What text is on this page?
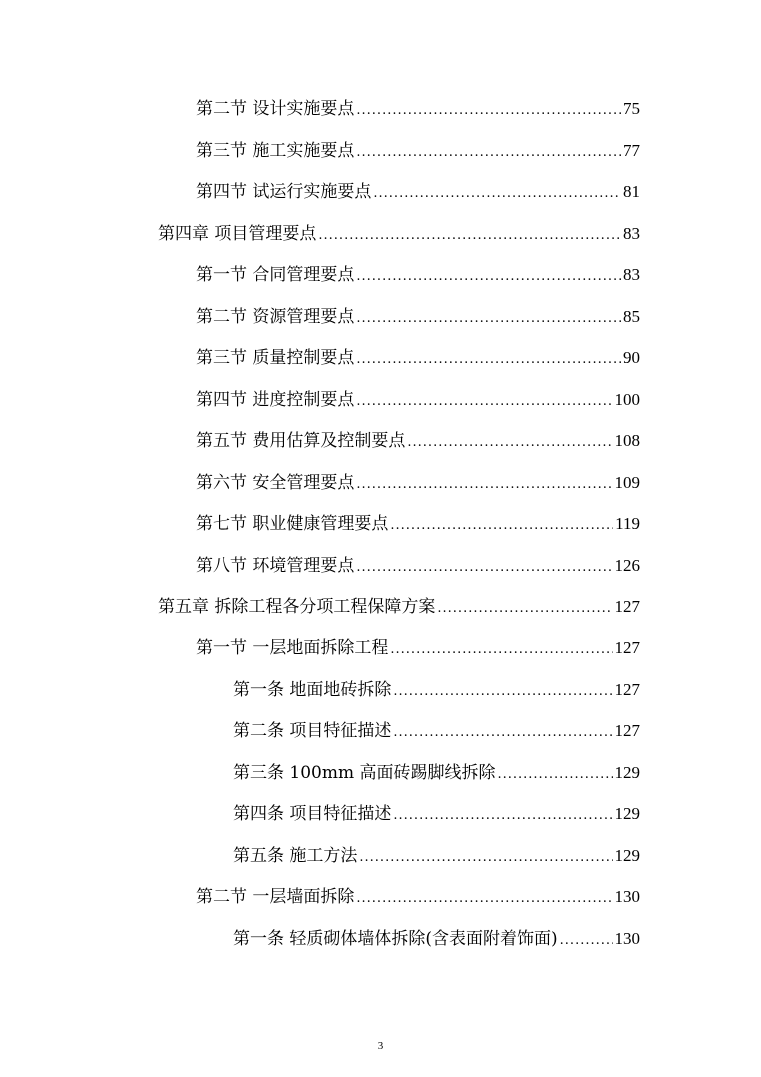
第二节 设计实施要点 .....	75
第三节 施工实施要点 .....	77
第四节 试运行实施要点 .....	81
第四章 项目管理要点 .....	83
第一节 合同管理要点 .....	83
第二节 资源管理要点 .....	85
第三节 质量控制要点 .....	90
第四节 进度控制要点 .....	100
第五节 费用估算及控制要点 .....	108
第六节 安全管理要点 .....	109
第七节 职业健康管理要点 .....	119
第八节 环境管理要点 .....	126
第五章 拆除工程各分项工程保障方案 .....	127
第一节 一层地面拆除工程 .....	127
第一条 地面地砖拆除 .....	127
第二条 项目特征描述 .....	127
第三条 100mm 高面砖踢脚线拆除 .....	129
第四条 项目特征描述 .....	129
第五条 施工方法 .....	129
第二节 一层墙面拆除 .....	130
第一条 轻质砌体墙体拆除(含表面附着饰面) .....	130
3
